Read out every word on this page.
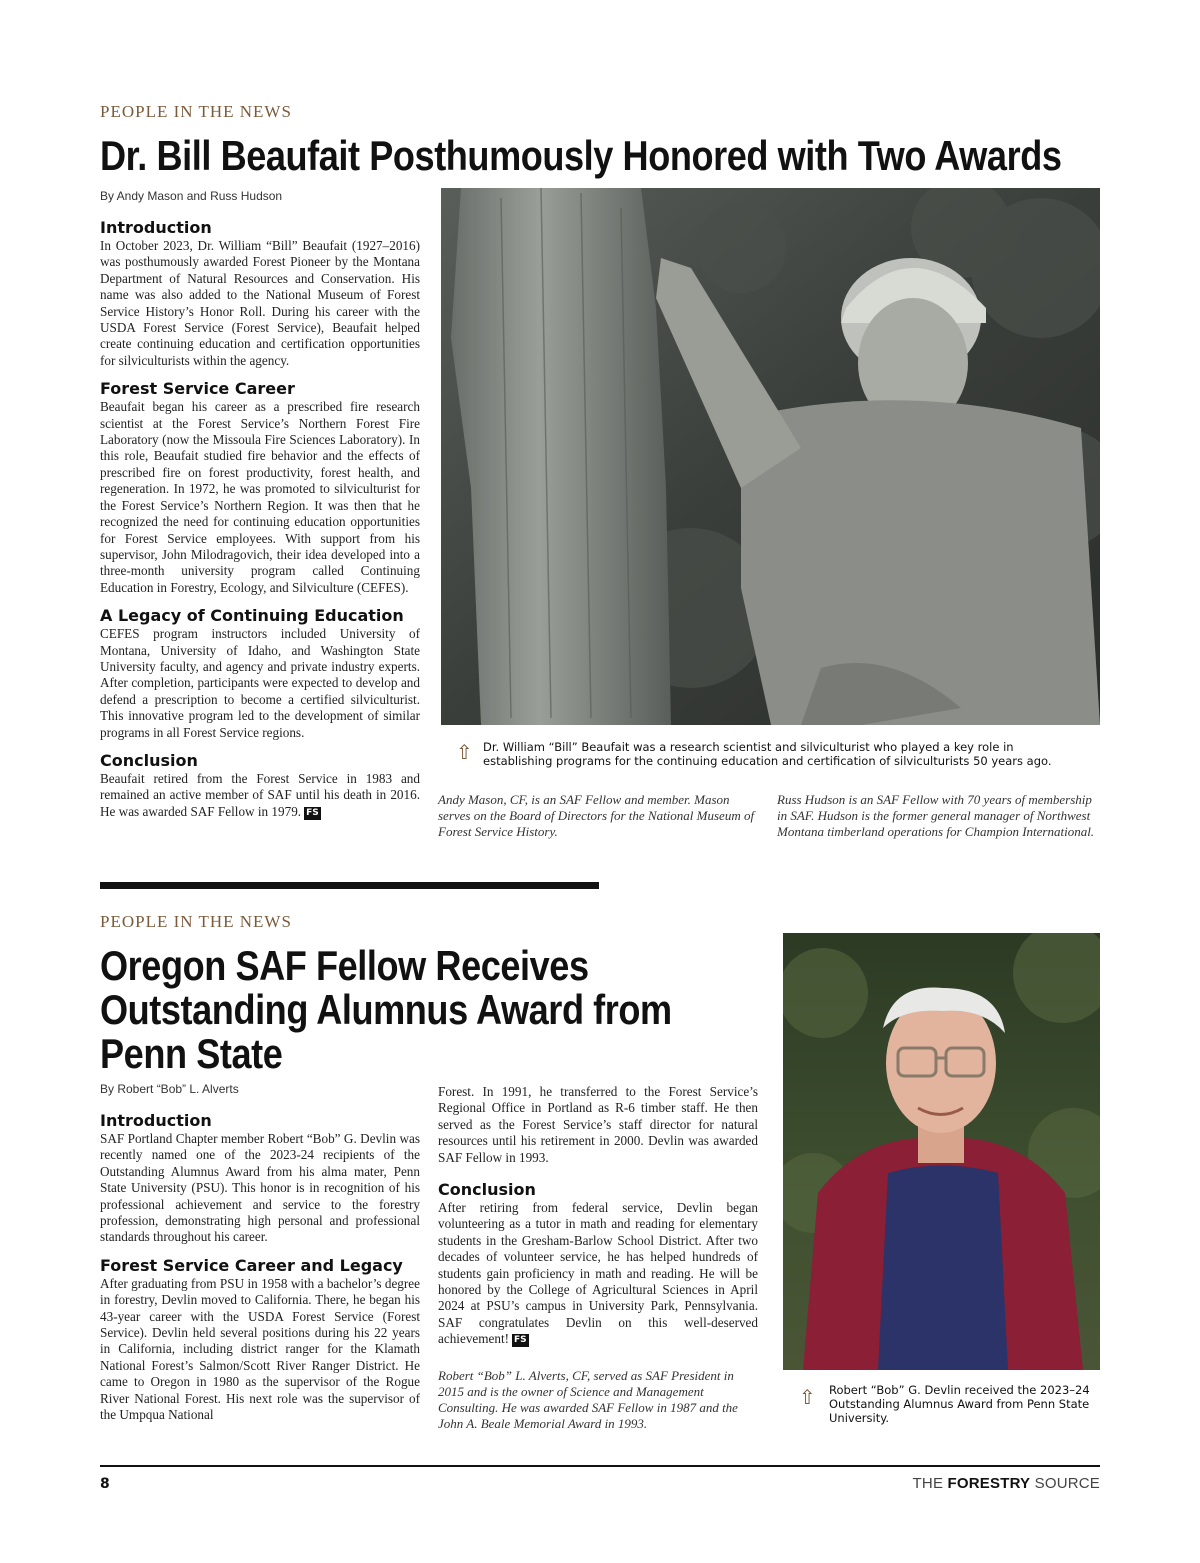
PEOPLE IN THE NEWS
Dr. Bill Beaufait Posthumously Honored with Two Awards
By Andy Mason and Russ Hudson
Introduction

In October 2023, Dr. William “Bill” Beaufait (1927–2016) was posthumously awarded Forest Pioneer by the Montana Department of Natural Resources and Conservation. His name was also added to the National Museum of Forest Service History’s Honor Roll. During his career with the USDA Forest Service (Forest Service), Beaufait helped create continuing education and certification opportunities for silviculturists within the agency.

Forest Service Career

Beaufait began his career as a prescribed fire research scientist at the Forest Service’s Northern Forest Fire Laboratory (now the Missoula Fire Sciences Laboratory). In this role, Beaufait studied fire behavior and the effects of prescribed fire on forest productivity, forest health, and regeneration. In 1972, he was promoted to silviculturist for the Forest Service’s Northern Region. It was then that he recognized the need for continuing education opportunities for Forest Service employees. With support from his supervisor, John Milodragovich, their idea developed into a three-month university program called Continuing Education in Forestry, Ecology, and Silviculture (CEFES).

A Legacy of Continuing Education

CEFES program instructors included University of Montana, University of Idaho, and Washington State University faculty, and agency and private industry experts. After completion, participants were expected to develop and defend a prescription to become a certified silviculturist. This innovative program led to the development of similar programs in all Forest Service regions.

Conclusion

Beaufait retired from the Forest Service in 1983 and remained an active member of SAF until his death in 2016. He was awarded SAF Fellow in 1979. FS

⇧ Dr. William “Bill” Beaufait was a research scientist and silviculturist who played a key role in establishing programs for the continuing education and certification of silviculturists 50 years ago.
Andy Mason, CF, is an SAF Fellow and member. Mason serves on the Board of Directors for the National Museum of Forest Service History.
Russ Hudson is an SAF Fellow with 70 years of membership in SAF. Hudson is the former general manager of Northwest Montana timberland operations for Champion International.
PEOPLE IN THE NEWS
Oregon SAF Fellow Receives Outstanding Alumnus Award from Penn State
By Robert “Bob” L. Alverts
Introduction

SAF Portland Chapter member Robert “Bob” G. Devlin was recently named one of the 2023-24 recipients of the Outstanding Alumnus Award from his alma mater, Penn State University (PSU). This honor is in recognition of his professional achievement and service to the forestry profession, demonstrating high personal and professional standards throughout his career.

Forest Service Career and Legacy

After graduating from PSU in 1958 with a bachelor’s degree in forestry, Devlin moved to California. There, he began his 43-year career with the USDA Forest Service (Forest Service). Devlin held several positions during his 22 years in California, including district ranger for the Klamath National Forest’s Salmon/Scott River Ranger District. He came to Oregon in 1980 as the supervisor of the Rogue River National Forest. His next role was the supervisor of the Umpqua National

Forest. In 1991, he transferred to the Forest Service’s Regional Office in Portland as R-6 timber staff. He then served as the Forest Service’s staff director for natural resources until his retirement in 2000. Devlin was awarded SAF Fellow in 1993.

Conclusion

After retiring from federal service, Devlin began volunteering as a tutor in math and reading for elementary students in the Gresham-Barlow School District. After two decades of volunteer service, he has helped hundreds of students gain proficiency in math and reading. He will be honored by the College of Agricultural Sciences in April 2024 at PSU’s campus in University Park, Pennsylvania. SAF congratulates Devlin on this well-deserved achievement! FS

Robert “Bob” L. Alverts, CF, served as SAF President in 2015 and is the owner of Science and Management Consulting. He was awarded SAF Fellow in 1987 and the John A. Beale Memorial Award in 1993.
⇧ Robert “Bob” G. Devlin received the 2023–24 Outstanding Alumnus Award from Penn State University.
8	THE FORESTRY SOURCE
